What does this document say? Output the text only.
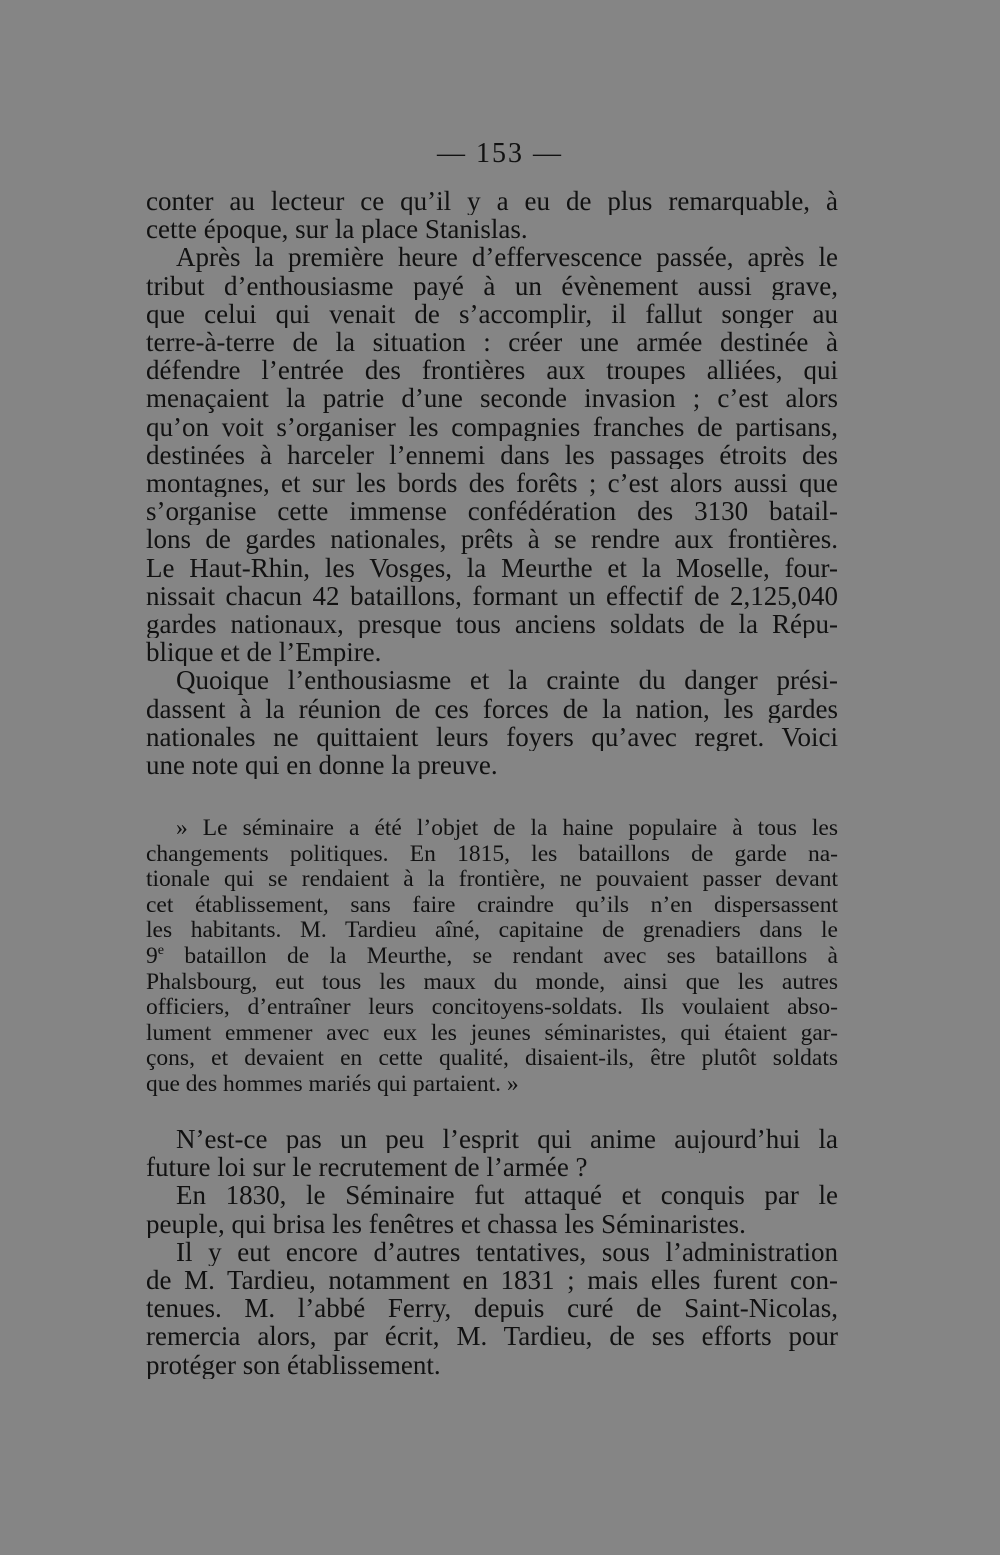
— 153 —
conter au lecteur ce qu’il y a eu de plus remarquable, à
cette époque, sur la place Stanislas.
Après la première heure d’effervescence passée, après le
tribut d’enthousiasme payé à un évènement aussi grave,
que celui qui venait de s’accomplir, il fallut songer au
terre-à-terre de la situation : créer une armée destinée à
défendre l’entrée des frontières aux troupes alliées, qui
menaçaient la patrie d’une seconde invasion ; c’est alors
qu’on voit s’organiser les compagnies franches de partisans,
destinées à harceler l’ennemi dans les passages étroits des
montagnes, et sur les bords des forêts ; c’est alors aussi que
s’organise cette immense confédération des 3130 batail-
lons de gardes nationales, prêts à se rendre aux frontières.
Le Haut-Rhin, les Vosges, la Meurthe et la Moselle, four-
nissait chacun 42 bataillons, formant un effectif de 2,125,040
gardes nationaux, presque tous anciens soldats de la Répu-
blique et de l’Empire.
Quoique l’enthousiasme et la crainte du danger prési-
dassent à la réunion de ces forces de la nation, les gardes
nationales ne quittaient leurs foyers qu’avec regret. Voici
une note qui en donne la preuve.
» Le séminaire a été l’objet de la haine populaire à tous les
changements politiques. En 1815, les bataillons de garde na-
tionale qui se rendaient à la frontière, ne pouvaient passer devant
cet établissement, sans faire craindre qu’ils n’en dispersassent
les habitants. M. Tardieu aîné, capitaine de grenadiers dans le
9e bataillon de la Meurthe, se rendant avec ses bataillons à
Phalsbourg, eut tous les maux du monde, ainsi que les autres
officiers, d’entraîner leurs concitoyens-soldats. Ils voulaient abso-
lument emmener avec eux les jeunes séminaristes, qui étaient gar-
çons, et devaient en cette qualité, disaient-ils, être plutôt soldats
que des hommes mariés qui partaient. »
N’est-ce pas un peu l’esprit qui anime aujourd’hui la
future loi sur le recrutement de l’armée ?
En 1830, le Séminaire fut attaqué et conquis par le
peuple, qui brisa les fenêtres et chassa les Séminaristes.
Il y eut encore d’autres tentatives, sous l’administration
de M. Tardieu, notamment en 1831 ; mais elles furent con-
tenues. M. l’abbé Ferry, depuis curé de Saint-Nicolas,
remercia alors, par écrit, M. Tardieu, de ses efforts pour
protéger son établissement.
